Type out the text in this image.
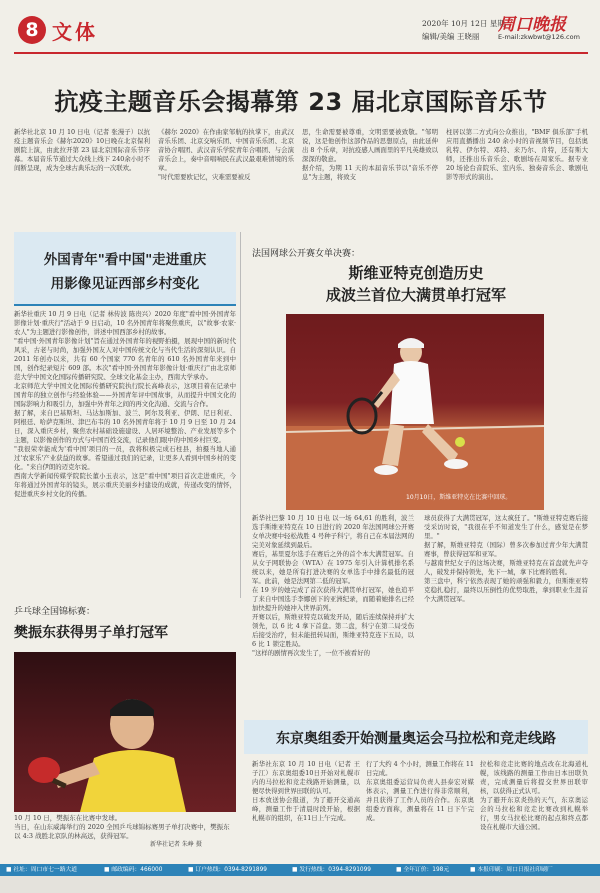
8 文体	2020年 10月 12日 星期一
编辑/美编 王晓丽
周口晚报
E-mail:zkwbwt@126.com
抗疫主题音乐会揭幕第 23 届北京国际音乐节

新华社北京 10 月 10 日电（记者 张漫子）以抗疫主题音乐会《赫尔2020》10日晚在北京保利剧院上演，由此拉开第 23 届北京国际音乐节序幕。本届音乐节通过大众线上线下 240余小时不间断呈现，成为全球古典乐坛的一次联欢。

《赫尔 2020》在作曲家邹航的执掌下，由武汉音乐乐团、北京交响乐团、中国音乐乐团、北京音协合唱团、武汉音乐学院青年合唱团、与会演音乐会上，奏中音唱响民在武汉最艰难情境的乐章。
"时代需要欧记忆，灾难需要被反

思，生命需要被尊重，文明需要被致敬。"邹明说，这是他创作这部作品的思想原点，由此延伸出 8 个乐章，对抗疫感人画面里的平凡英雄致以深深的敬意。
据介绍，为期 11 天的本届音乐节以"音乐不停息"为主题，将致支

柱居以第二方式向公众推出，"BMF 俱乐部"手机应用直播播出 240 余小时的音视频节目，包括奥乳特、伊尔特、邓特、来乃尔、肯特，还有斯大师，还推出乐音乐会、歌剧场在周家乐。据专业 20 场论台音院乐、室内乐、独奏音乐会、歌剧电影等形式的演出。

外国青年"看中国"走进重庆
用影像见证西部乡村变化

新华社重庆 10 月 9 日电（记者 林传波 陈贵兴）2020 年度"看中国·外国青年影像计划·重庆行"活动于 9 日启动，10 名外国青年将聚焦重庆，以"故事·农家·农人"为主题进行影像创作，讲述中国西部乡村的故事。
"看中国·外国青年影像计划"旨在通过外国青年的视野拍摄，展现中国的新时代风采，古老与时尚，加强外国友人对中国传统文化与当代生活的深刻认识。自 2011 年创办以来，共有 60 个国家 770 名青年的 610 名外国青年来到中国，创作纪录短片 609 部。本次"看中国·外国青年影像计划·重庆行"由北京师范大学中国文化国际传播研究院、全球文化基金主办，西南大学承办。
北京师范大学中国文化国际传播研究院执行院长高峰表示，这项目着在记录中国青年的独立创作与经验体验——外国青年评中国故事，从而提升中国文化的国际影响力和吸引力，加强中外青年之间的再文化沟通、交流与合作。
据了解，来自巴基斯坦、马达加斯加、波兰、阿尔及利亚、伊朗、尼日利亚、阿根廷、哈萨克斯坦、津巴布韦的 10 名外国青年将于 10 月 9 日至 10 月 24 日，深入重庆乡村，聚焦农村基础设施建设、人居环境整治、产业发展等多个主题，以影像创作的方式与中国百姓交流，记录他们眼中的中国乡村巨变。
"我很荣幸能成为'看中国'项目的一员，我将积极完成石柱县，拍摄当地人通过'农家乐'产业获益的故事。希望通过我们的记录，让更多人看到中国乡村的变化。"来自伊朗的迈克尔说。
西南大学新闻传媒学院院长董小玉表示，这是"看中国"项目首次走进重庆，今年将通过外国青年的镜头，展示重庆美丽乡村建设的成就，传递改变的情怀，促进重庆乡村文化的传播。

法国网球公开赛女单决赛：
斯维亚特克创造历史
成波兰首位大满贯单打冠军
10月10日，斯维亚特克在比赛中回球。

新华社巴黎 10 月 10 日电 以一场 64,61 的胜利，波兰选手斯维亚特克在 10 日进行的 2020 年法国网球公开赛女单决赛中轻松战胜 4 号种子科宁，将自己在本届法网的完美对象延续到最后。
赛后，基里夏尔选手在赛后之外的首个本大满贯冠军。自从女子网联协会（WTA）在 1975 年引入计算机排名系统以来，她是所有打进决赛的女单选手中排名最低的冠军。此前，她是法网第二低的冠军。
在 19 岁的她完成了首次获得大满贯单打冠军，她也追平了来自中国选手李娜创下的亚洲纪录，而随着她排名已经加快提升的她冲入世界前列。
开赛以后，斯维亚特克以破发开局，随后连续保持并扩大领先，以 6 比 4 拿下首盘。第二盘，科宁在第二局受伤后接受治疗，但未能扭转局面，斯维亚特克连下五局，以 6 比 1 锁定胜局。
"这样的剧情再次发生了，一位不被看好的

球员获得了大满贯冠军，这太疯狂了。"斯维亚特克赛后接受采访时说，"我很在乎不知道发生了什么，感觉是在梦里。"
据了解，斯维亚特克（国际）曾多次参加过青少年大满贯赛事，曾获得冠军和亚军。
与越南世纪女子的这场决赛，斯维亚特克在首盘就先声夺人，破发并保持领先，先下一城，拿下比赛的胜利。
第三盘中，科宁依然表现了她的顽强和毅力，但斯维亚特克稳扎稳打，最终以压倒性的优势取胜，拿到职业生涯首个大满贯冠军。

乒乓球全国锦标赛：
樊振东获得男子单打冠军
10 月 10 日，樊振东在比赛中发球。
当日，在山东威海举行的 2020 全国乒乓球锦标赛男子单打决赛中，樊振东以 4:3 战胜北京队的林高远，获得冠军。
新华社记者 朱峥 摄
东京奥组委开始测量奥运会马拉松和竞走线路

新华社东京 10 月 10 日电（记者 王子江）东京奥组委10日开始对札幌市内的马拉松和竞走线路开始测量，以便尽快得到世界田联的认可。
日本放送协会报道，为了避开交通高峰，测量工作于清晨时段开始，根据札幌市的组织，在11日上午完成。

行了大约 4 个小时，测量工作将在 11 日完成。
东京奥组委运营局负责人县泰宏对媒体表示，测量工作进行得非常顺利，并且获得了工作人员的合作。东京奥组委方面称，测量将在 11 日下午完成。

拉松和竞走比赛的地点改在北海道札幌，该线路的测量工作由日本田联负责，完成测量后将提交世界田联审核，以获得正式认可。
为了避开东京炎热的天气，东京奥运会的马拉松和竞走比赛改到札幌举行，男女马拉松比赛的起点和终点都设在札幌市大通公园。

■ 社址：周口市七一路大道	■ 邮政编码：466000	■ 订户热线：0394-8291899	■ 发行热线：0394-8291099	■ 全年订价：198元	■ 本报印刷：周口日报社印刷厂
